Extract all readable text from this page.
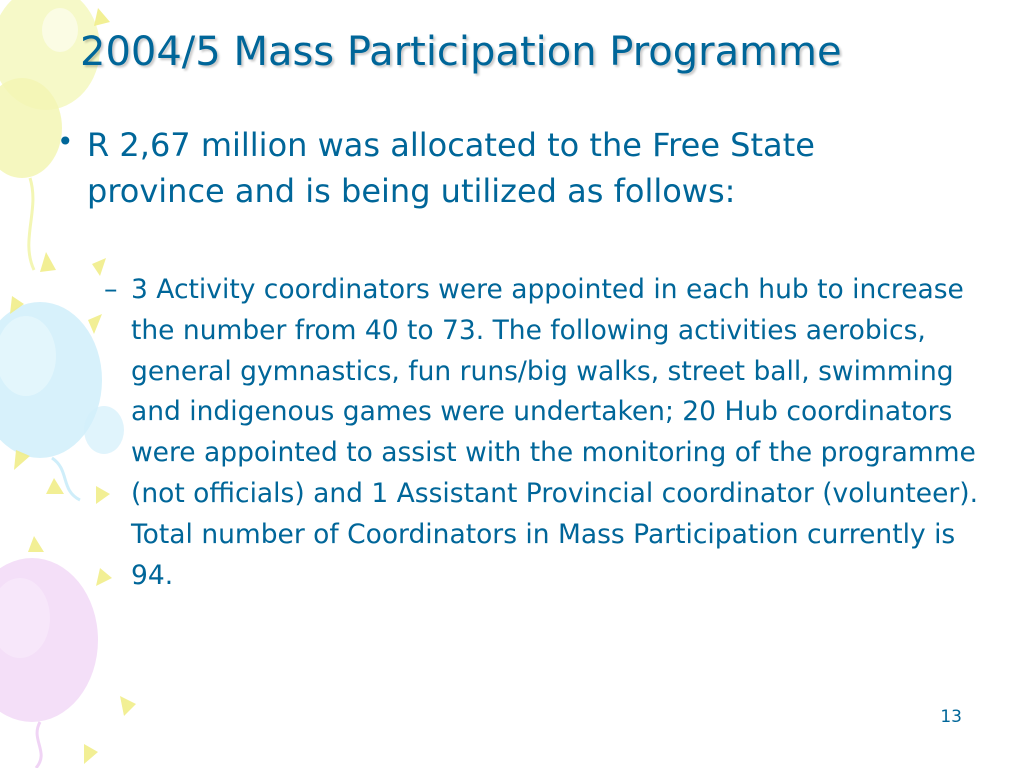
2004/5 Mass Participation Programme
• R 2,67 million was allocated to the Free State province and is being utilized as follows:
– 3 Activity coordinators were appointed in each hub to increase the number from 40 to 73. The following activities aerobics, general gymnastics, fun runs/big walks, street ball, swimming and indigenous games were undertaken; 20 Hub coordinators were appointed to assist with the monitoring of the programme (not officials) and 1 Assistant Provincial coordinator (volunteer). Total number of Coordinators in Mass Participation currently is 94.
13
